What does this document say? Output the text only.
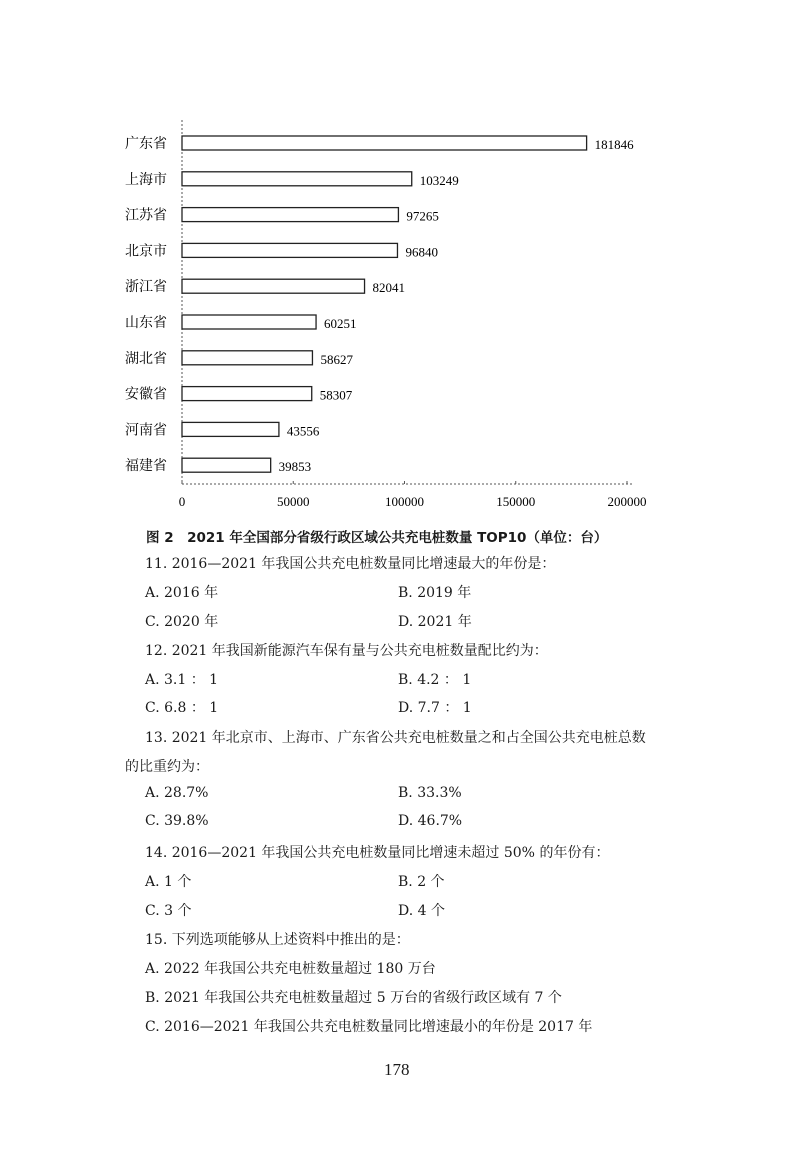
0	50000	100000	150000	200000
广东省	181846
上海市	103249
江苏省	97265
北京市	96840
浙江省	82041
山东省	60251
湖北省	58627
安徽省	58307
河南省	43556
福建省	39853
图 2　2021 年全国部分省级行政区域公共充电桩数量 TOP10（单位：台）
11. 2016—2021 年我国公共充电桩数量同比增速最大的年份是：
A. 2016 年	B. 2019 年
C. 2020 年	D. 2021 年
12. 2021 年我国新能源汽车保有量与公共充电桩数量配比约为：
A. 3.1 ： 1	B. 4.2 ： 1
C. 6.8 ： 1	D. 7.7 ： 1
13. 2021 年北京市、上海市、广东省公共充电桩数量之和占全国公共充电桩总数
的比重约为：
A. 28.7%	B. 33.3%
C. 39.8%	D. 46.7%
14. 2016—2021 年我国公共充电桩数量同比增速未超过 50% 的年份有：
A. 1 个	B. 2 个
C. 3 个	D. 4 个
15. 下列选项能够从上述资料中推出的是：
A. 2022 年我国公共充电桩数量超过 180 万台
B. 2021 年我国公共充电桩数量超过 5 万台的省级行政区域有 7 个
C. 2016—2021 年我国公共充电桩数量同比增速最小的年份是 2017 年
178
